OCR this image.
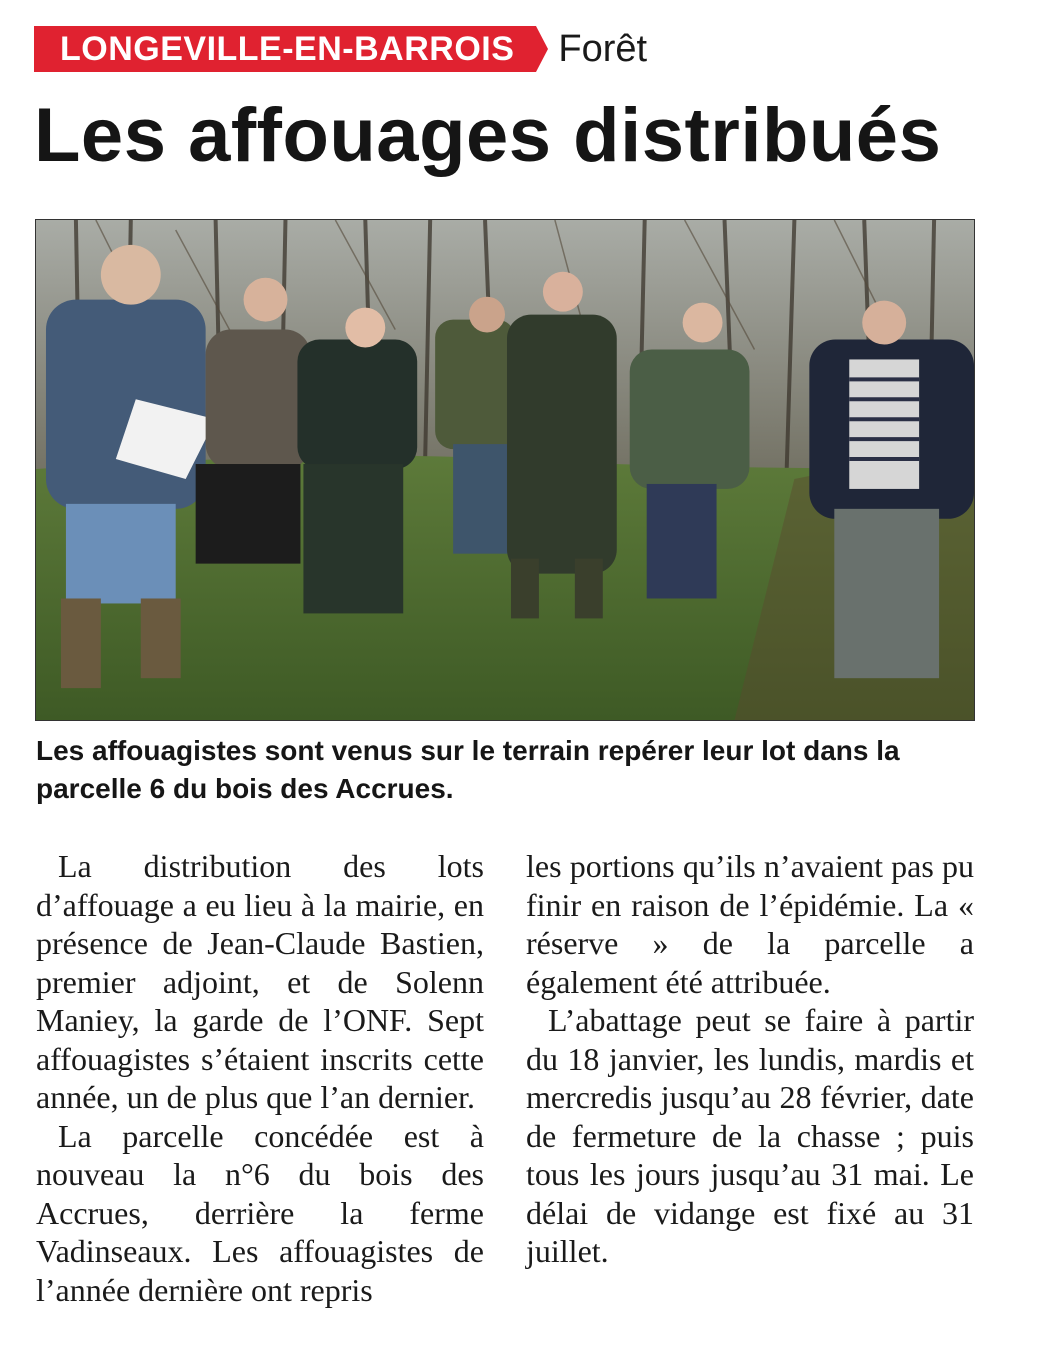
LONGEVILLE-EN-BARROIS	Forêt
Les affouages distribués

Les affouagistes sont venus sur le terrain repérer leur lot dans la parcelle 6 du bois des Accrues.

La distribution des lots d’affouage a eu lieu à la mairie, en présence de Jean-Claude Bastien, premier adjoint, et de Solenn Maniey, la garde de l’ONF. Sept affouagistes s’étaient inscrits cette année, un de plus que l’an dernier.

La parcelle concédée est à nouveau la n°6 du bois des Accrues, derrière la ferme Vadinseaux. Les affouagistes de l’année dernière ont repris

les portions qu’ils n’avaient pas pu finir en raison de l’épidémie. La « réserve » de la parcelle a également été attribuée.

L’abattage peut se faire à partir du 18 janvier, les lundis, mardis et mercredis jusqu’au 28 février, date de fermeture de la chasse ; puis tous les jours jusqu’au 31 mai. Le délai de vidange est fixé au 31 juillet.
